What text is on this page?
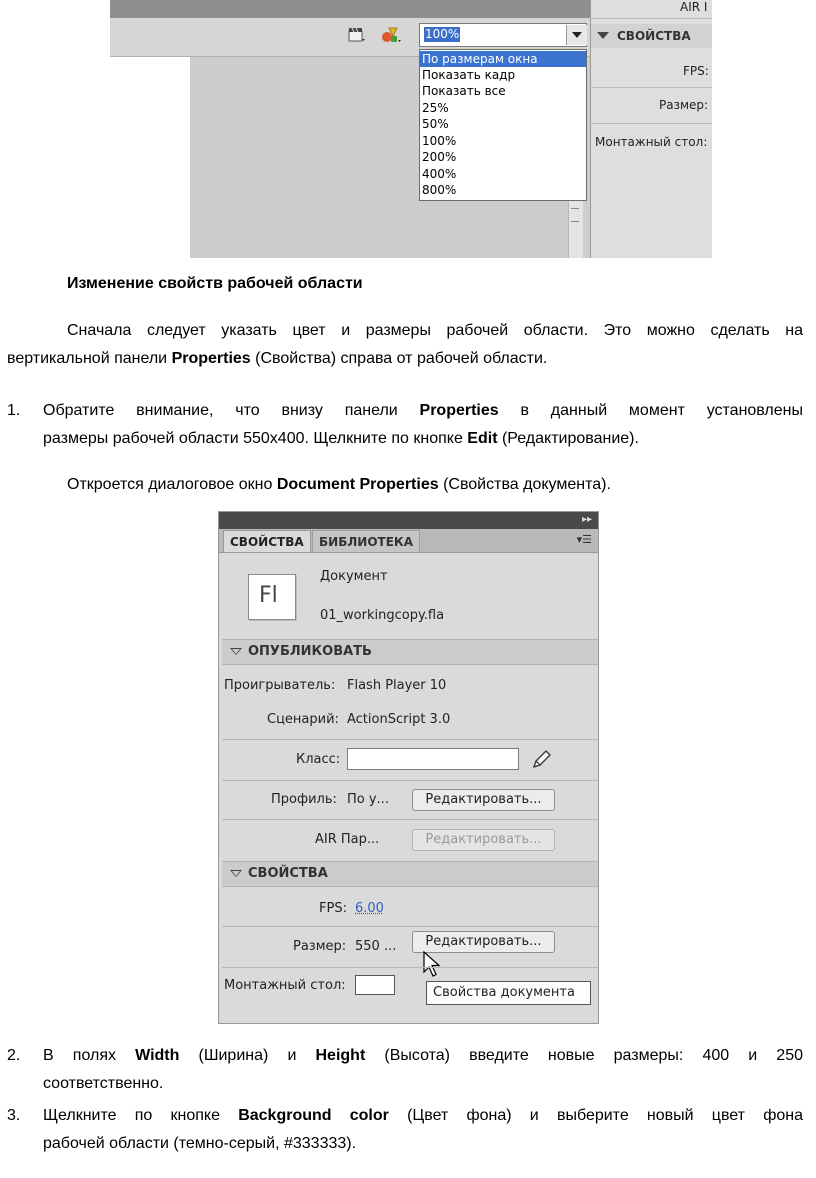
100%
По размерам окна
Показать кадр
Показать все
25%
50%
100%
200%
400%
800%
AIR I
СВОЙСТВА
FPS:
Размер:
Монтажный стол:
Изменение свойств рабочей области
Сначала следует указать цвет и размеры рабочей области. Это можно сделать на
вертикальной панели Properties (Свойства) справа от рабочей области.
1. Обратите внимание, что внизу панели Properties в данный момент установлены
размеры рабочей области 550x400. Щелкните по кнопке Edit (Редактирование).
Откроется диалоговое окно Document Properties (Свойства документа).
▸▸
СВОЙСТВА	БИБЛИОТЕКА	▾☰
Fl
Документ
01_workingcopy.fla
ОПУБЛИКОВАТЬ
Проигрыватель: Flash Player 10
Сценарий: ActionScript 3.0
Класс:
Профиль: По у...	Редактировать...
AIR Пар...	Редактировать...
СВОЙСТВА
FPS: 6.00
Размер: 550 ...	Редактировать...
Монтажный стол:	Свойства документа
2. В полях Width (Ширина) и Height (Высота) введите новые размеры: 400 и 250
соответственно.
3. Щелкните по кнопке Background color (Цвет фона) и выберите новый цвет фона
рабочей области (темно-серый, #333333).
